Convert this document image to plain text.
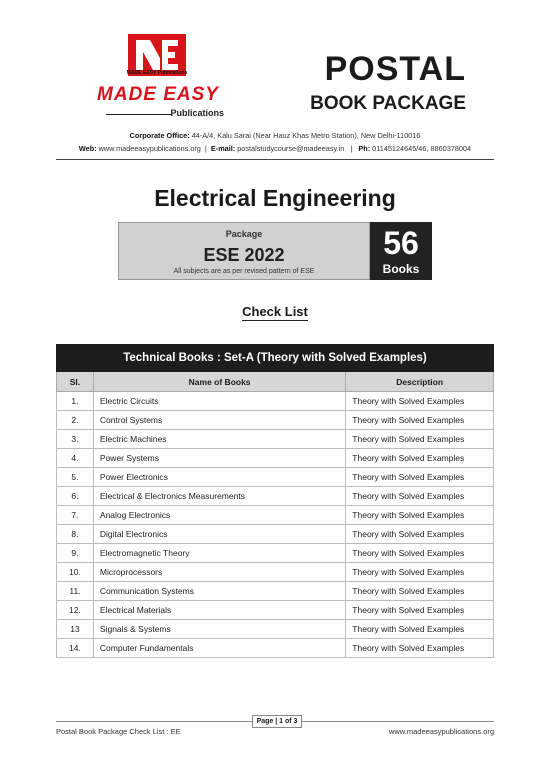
MADE EASY Publications
MADE EASY
Publications
POSTAL
BOOK PACKAGE
Corporate Office: 44-A/4, Kalu Sarai (Near Hauz Khas Metro Station), New Delhi-110016
Web: www.madeeasypublications.org  |  E-mail: postalstudycourse@madeeasy.in   |   Ph: 01145124645/46, 8860378004
Electrical Engineering
Package
ESE 2022
All subjects are as per revised pattern of ESE
56
Books
Check List
Technical Books : Set-A (Theory with Solved Examples)		
Sl.	Name of Books	Description
1.	Electric Circuits	Theory with Solved Examples
2.	Control Systems	Theory with Solved Examples
3.	Electric Machines	Theory with Solved Examples
4.	Power Systems	Theory with Solved Examples
5.	Power Electronics	Theory with Solved Examples
6.	Electrical & Electronics Measurements	Theory with Solved Examples
7.	Analog Electronics	Theory with Solved Examples
8.	Digital Electronics	Theory with Solved Examples
9.	Electromagnetic Theory	Theory with Solved Examples
10.	Microprocessors	Theory with Solved Examples
11.	Communication Systems	Theory with Solved Examples
12.	Electrical Materials	Theory with Solved Examples
13	Signals & Systems	Theory with Solved Examples
14.	Computer Fundamentals	Theory with Solved Examples
Page | 1 of 3
Postal Book Package Check List : EE	www.madeeasypublications.org
